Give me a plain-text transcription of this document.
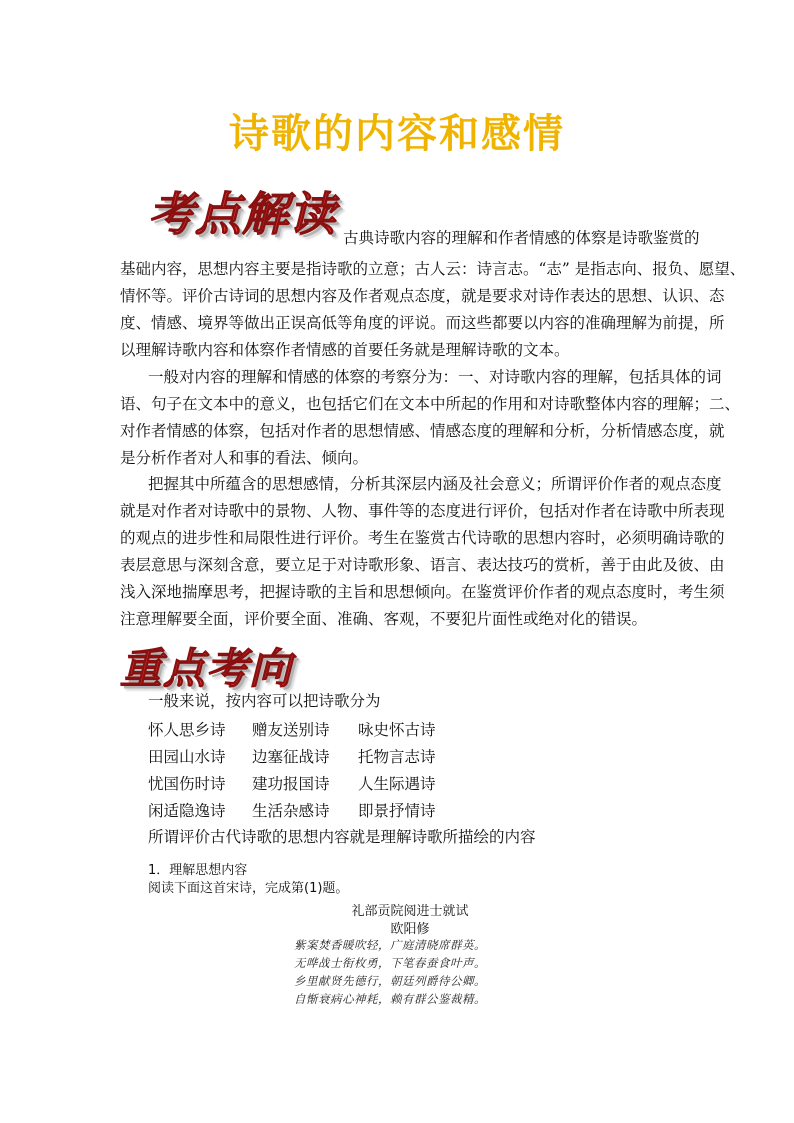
诗歌的内容和感情
考点解读 古典诗歌内容的理解和作者情感的体察是诗歌鉴赏的
基础内容，思想内容主要是指诗歌的立意；古人云：诗言志。“志” 是指志向、报负、愿望、
情怀等。评价古诗词的思想内容及作者观点态度，就是要求对诗作表达的思想、认识、态
度、情感、境界等做出正误高低等角度的评说。而这些都要以内容的准确理解为前提，所
以理解诗歌内容和体察作者情感的首要任务就是理解诗歌的文本。
一般对内容的理解和情感的体察的考察分为：一、对诗歌内容的理解，包括具体的词
语、句子在文本中的意义，也包括它们在文本中所起的作用和对诗歌整体内容的理解；二、
对作者情感的体察，包括对作者的思想情感、情感态度的理解和分析，分析情感态度，就
是分析作者对人和事的看法、倾向。
把握其中所蕴含的思想感情，分析其深层内涵及社会意义；所谓评价作者的观点态度
就是对作者对诗歌中的景物、人物、事件等的态度进行评价，包括对作者在诗歌中所表现
的观点的进步性和局限性进行评价。考生在鉴赏古代诗歌的思想内容时，必须明确诗歌的
表层意思与深刻含意，要立足于对诗歌形象、语言、表达技巧的赏析，善于由此及彼、由
浅入深地揣摩思考，把握诗歌的主旨和思想倾向。在鉴赏评价作者的观点态度时，考生须
注意理解要全面，评价要全面、准确、客观，不要犯片面性或绝对化的错误。
重点考向
一般来说，按内容可以把诗歌分为
怀人思乡诗 赠友送别诗 咏史怀古诗
田园山水诗 边塞征战诗 托物言志诗
忧国伤时诗 建功报国诗 人生际遇诗
闲适隐逸诗 生活杂感诗 即景抒情诗
所谓评价古代诗歌的思想内容就是理解诗歌所描绘的内容
1．理解思想内容
阅读下面这首宋诗，完成第(1)题。
礼部贡院阅进士就试
欧阳修
紫案焚香暖吹轻，广庭清晓席群英。
无哗战士衔枚勇，下笔春蚕食叶声。
乡里献贤先德行，朝廷列爵待公卿。
自惭衰病心神耗，赖有群公鉴裁精。
